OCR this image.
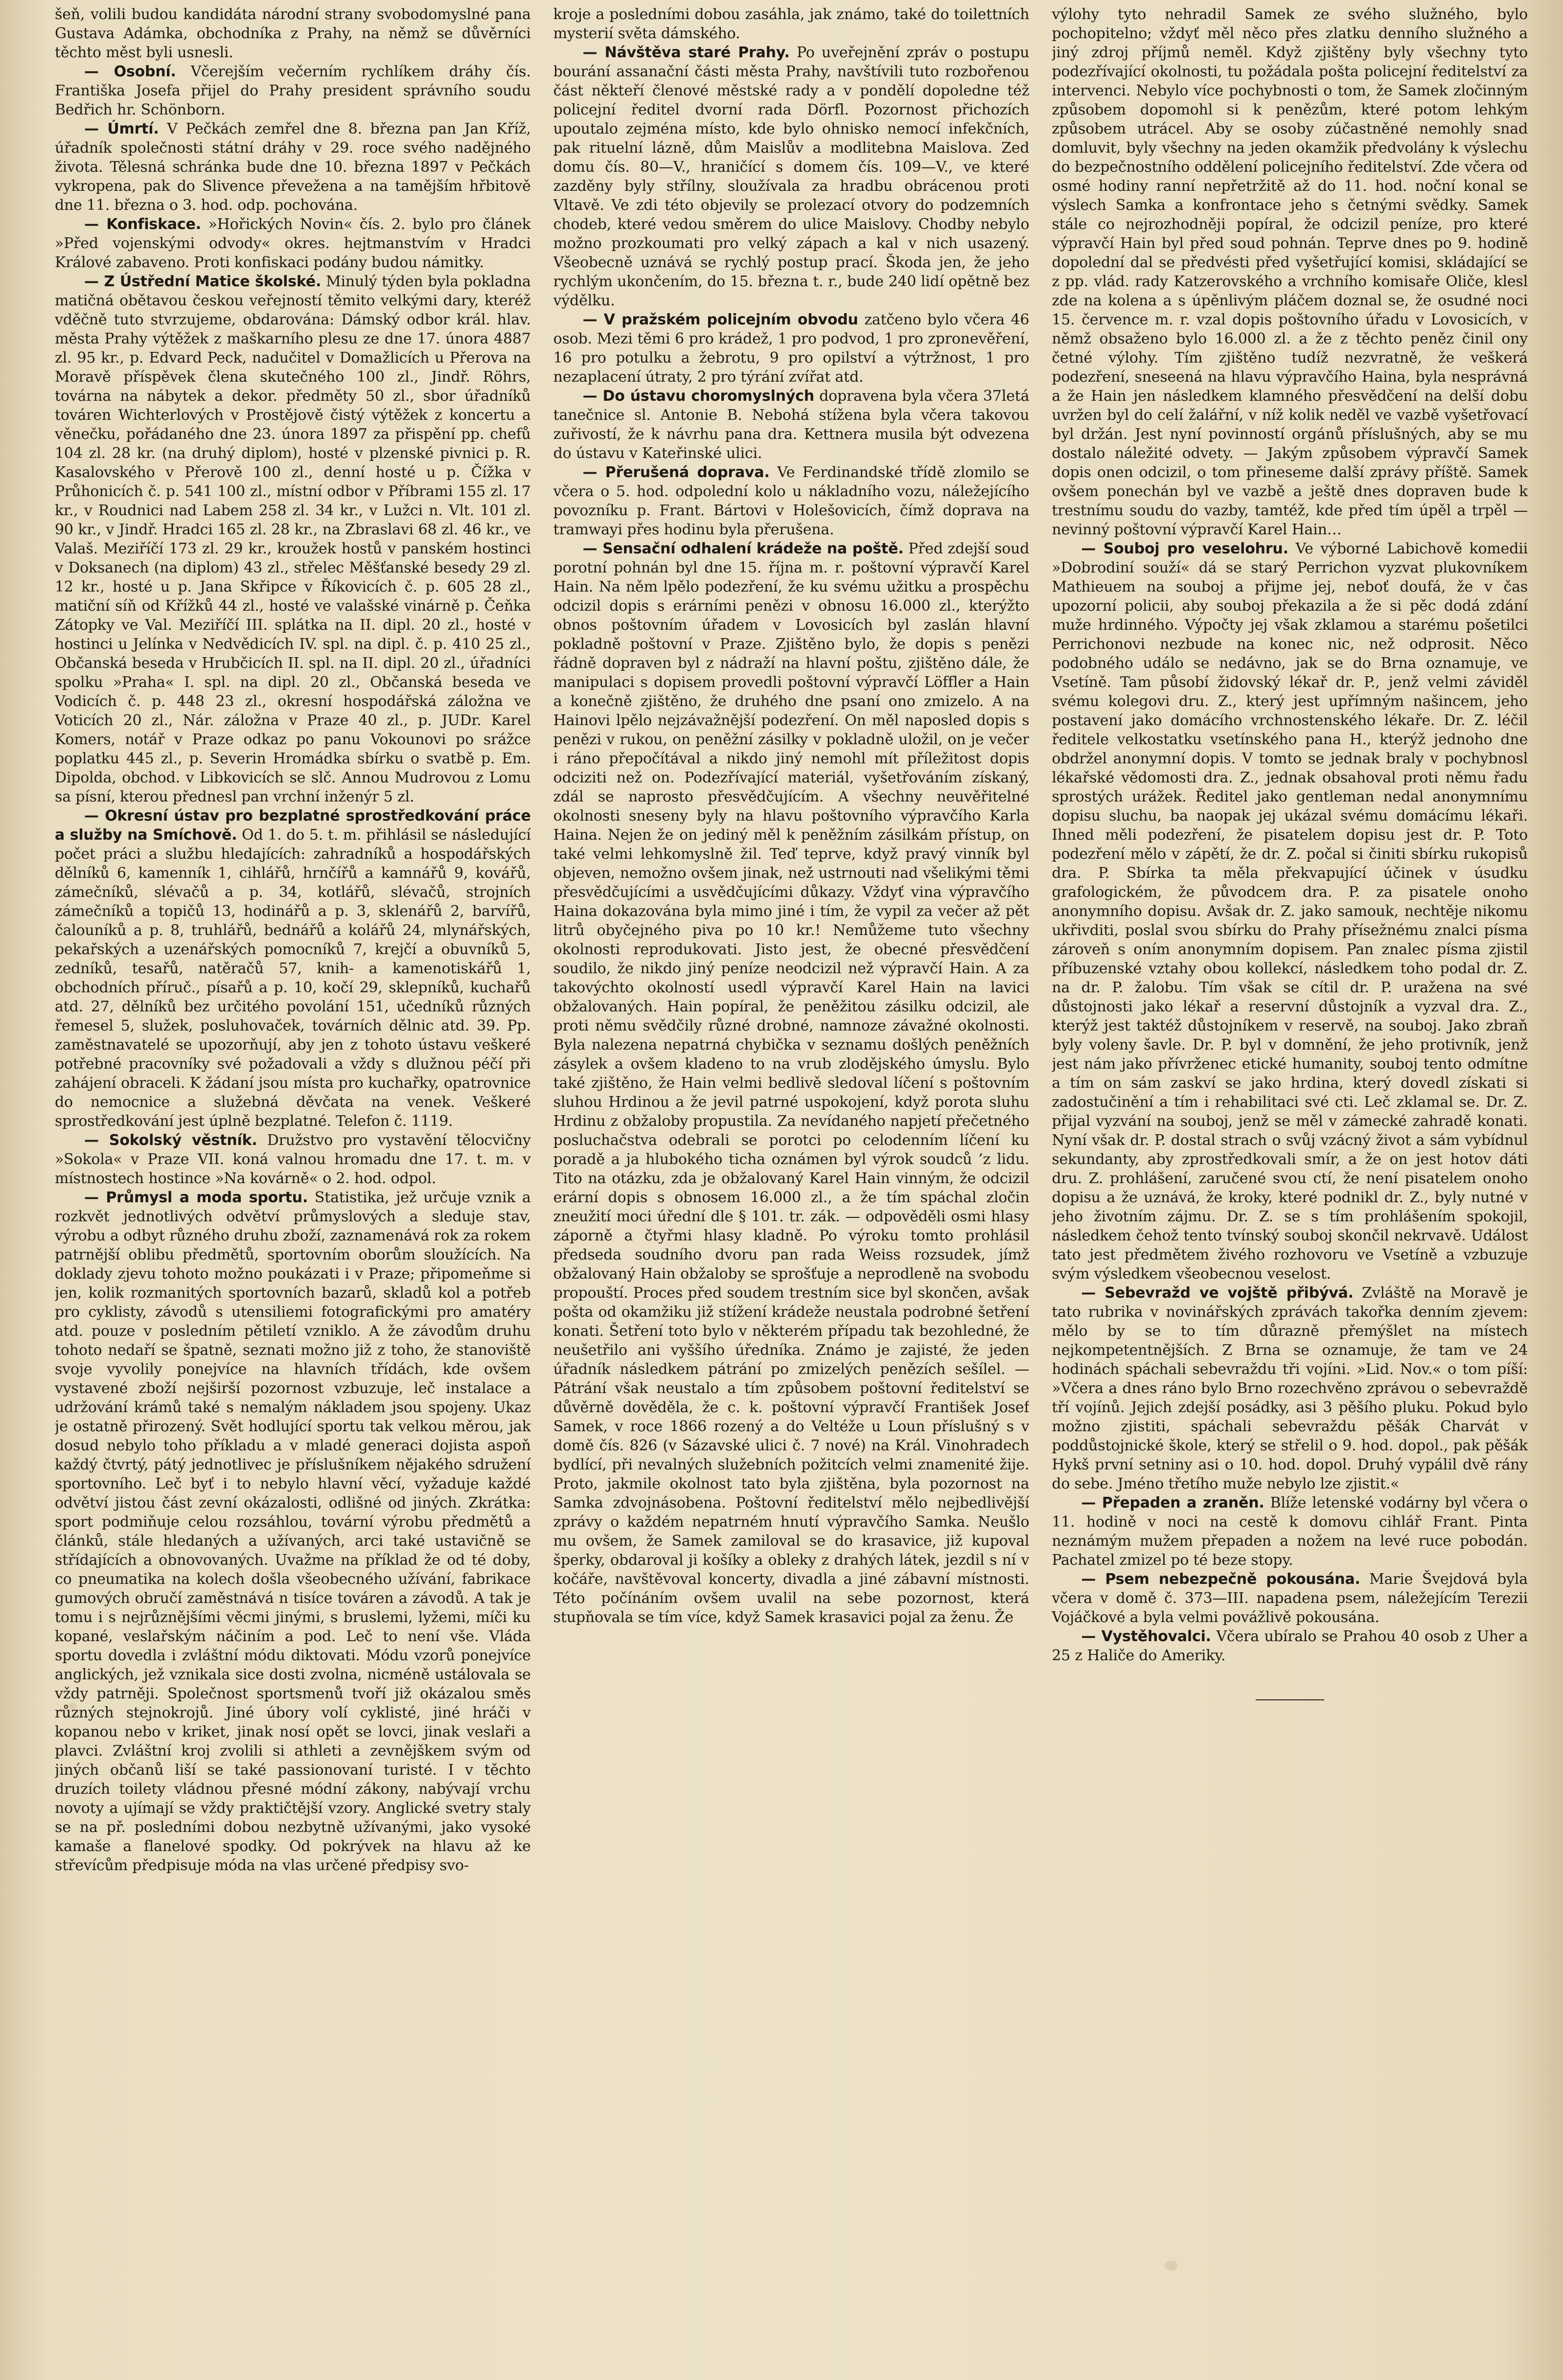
šeň, volili budou kandidáta národní strany svobodomyslné pana Gustava Adámka, obchodníka z Prahy, na němž se důvěrníci těchto měst byli usnesli.

— Osobní. Včerejším večerním rychlíkem dráhy čís. Františka Josefa přijel do Prahy president správního soudu Bedřich hr. Schönborn.

— Úmrtí. V Pečkách zemřel dne 8. března pan Jan Kříž, úřadník společnosti státní dráhy v 29. roce svého nadějného života. Tělesná schránka bude dne 10. března 1897 v Pečkách vykropena, pak do Slivence převežena a na tamějším hřbitově dne 11. března o 3. hod. odp. pochována.

— Konfiskace. »Hořických Novin« čís. 2. bylo pro článek »Před vojenskými odvody« okres. hejtmanstvím v Hradci Králové zabaveno. Proti konfiskaci podány budou námitky.

— Z Ústřední Matice školské. Minulý týden byla pokladna matičná obětavou českou veřejností těmito velkými dary, kteréž vděčně tuto stvrzujeme, obdarována: Dámský odbor král. hlav. města Prahy výtěžek z maškarního plesu ze dne 17. února 4887 zl. 95 kr., p. Edvard Peck, nadučitel v Domažlicích u Přerova na Moravě příspěvek člena skutečného 100 zl., Jindř. Röhrs, továrna na nábytek a dekor. předměty 50 zl., sbor úřadníků továren Wichterlových v Prostějově čistý výtěžek z koncertu a věnečku, pořádaného dne 23. února 1897 za přispění pp. chefů 104 zl. 28 kr. (na druhý diplom), hosté v plzenské pivnici p. R. Kasalovského v Přerově 100 zl., denní hosté u p. Čížka v Průhonicích č. p. 541 100 zl., místní odbor v Příbrami 155 zl. 17 kr., v Roudnici nad Labem 258 zl. 34 kr., v Lužci n. Vlt. 101 zl. 90 kr., v Jindř. Hradci 165 zl. 28 kr., na Zbraslavi 68 zl. 46 kr., ve Valaš. Meziříčí 173 zl. 29 kr., kroužek hostů v panském hostinci v Doksanech (na diplom) 43 zl., střelec Měšťanské besedy 29 zl. 12 kr., hosté u p. Jana Skřipce v Říkovicích č. p. 605 28 zl., matiční síň od Křížků 44 zl., hosté ve valašské vinárně p. Čeňka Zátopky ve Val. Meziříčí III. splátka na II. dipl. 20 zl., hosté v hostinci u Jelínka v Nedvědicích IV. spl. na dipl. č. p. 410 25 zl., Občanská beseda v Hrubčicích II. spl. na II. dipl. 20 zl., úřadníci spolku »Praha« I. spl. na dipl. 20 zl., Občanská beseda ve Vodicích č. p. 448 23 zl., okresní hospodářská záložna ve Voticích 20 zl., Nár. záložna v Praze 40 zl., p. JUDr. Karel Komers, notář v Praze odkaz po panu Vokounovi po srážce poplatku 445 zl., p. Severin Hromádka sbírku o svatbě p. Em. Dipolda, obchod. v Libkovicích se slč. Annou Mudrovou z Lomu sa písní, kterou přednesl pan vrchní inženýr 5 zl.

— Okresní ústav pro bezplatné sprostředkování práce a služby na Smíchově. Od 1. do 5. t. m. přihlásil se následující počet práci a službu hledajících: zahradníků a hospodářských dělníků 6, kamenník 1, cihlářů, hrnčířů a kamnářů 9, kovářů, zámečníků, slévačů a p. 34, kotlářů, slévačů, strojních zámečníků a topičů 13, hodinářů a p. 3, sklenářů 2, barvířů, čalouníků a p. 8, truhlářů, bednářů a kolářů 24, mlynářských, pekařských a uzenářských pomocníků 7, krejčí a obuvníků 5, zedníků, tesařů, natěračů 57, knih- a kamenotiskářů 1, obchodních příruč., písařů a p. 10, kočí 29, sklepníků, kuchařů atd. 27, dělníků bez určitého povolání 151, učedníků různých řemesel 5, služek, posluhovaček, továrních dělnic atd. 39. Pp. zaměstnavatelé se upozorňují, aby jen z tohoto ústavu veškeré potřebné pracovníky své požadovali a vždy s dlužnou péčí při zahájení obraceli. K žádaní jsou místa pro kuchařky, opatrovnice do nemocnice a služebná děvčata na venek. Veškeré sprostředkování jest úplně bezplatné. Telefon č. 1119.

— Sokolský věstník. Družstvo pro vystavění tělocvičny »Sokola« v Praze VII. koná valnou hromadu dne 17. t. m. v místnostech hostince »Na kovárně« o 2. hod. odpol.

— Průmysl a moda sportu. Statistika, jež určuje vznik a rozkvět jednotlivých odvětví průmyslových a sleduje stav, výrobu a odbyt různého druhu zboží, zaznamenává rok za rokem patrnější oblibu předmětů, sportovním oborům sloužících. Na doklady zjevu tohoto možno poukázati i v Praze; připomeňme si jen, kolik rozmanitých sportovních bazarů, skladů kol a potřeb pro cyklisty, závodů s utensiliemi fotografickými pro amatéry atd. pouze v posledním pětiletí vzniklo. A že závodům druhu tohoto nedaří se špatně, seznati možno již z toho, že stanoviště svoje vyvolily ponejvíce na hlavních třídách, kde ovšem vystavené zboží nejširší pozornost vzbuzuje, leč instalace a udržování krámů také s nemalým nákladem jsou spojeny. Ukaz je ostatně přirozený. Svět hodlující sportu tak velkou měrou, jak dosud nebylo toho příkladu a v mladé generaci dojista aspoň každý čtvrtý, pátý jednotlivec je příslušníkem nějakého sdružení sportovního. Leč byť i to nebylo hlavní věcí, vyžaduje každé odvětví jistou část zevní okázalosti, odlišné od jiných. Zkrátka: sport podmiňuje celou rozsáhlou, tovární výrobu předmětů a článků, stále hledaných a užívaných, arci také ustavičně se střídajících a obnovovaných. Uvažme na příklad že od té doby, co pneumatika na kolech došla všeobecného užívání, fabrikace gumových obručí zaměstnává n tisíce továren a závodů. A tak je tomu i s nejrůznějšími věcmi jinými, s bruslemi, lyžemi, míči ku kopané, veslařským náčiním a pod. Leč to není vše. Vláda sportu dovedla i zvláštní módu diktovati. Módu vzorů ponejvíce anglických, jež vznikala sice dosti zvolna, nicméně ustálovala se vždy patrněji. Společnost sportsmenů tvoří již okázalou směs různých stejnokrojů. Jiné úbory volí cyklisté, jiné hráči v kopanou nebo v kriket, jinak nosí opět se lovci, jinak veslaři a plavci. Zvláštní kroj zvolili si athleti a zevnějškem svým od jiných občanů liší se také passionovaní turisté. I v těchto druzích toilety vládnou přesné módní zákony, nabývají vrchu novoty a ujímají se vždy praktičtější vzory. Anglické svetry staly se na př. posledními dobou nezbytně užívanými, jako vysoké kamaše a flanelové spodky. Od pokrývek na hlavu až ke střevícům předpisuje móda na vlas určené předpisy svo-

kroje a posledními dobou zasáhla, jak známo, také do toilettních mysterií světa dámského.

— Návštěva staré Prahy. Po uveřejnění zpráv o postupu bourání assanační části města Prahy, navštívili tuto rozbořenou část někteří členové městské rady a v pondělí dopoledne též policejní ředitel dvorní rada Dörfl. Pozornost přichozích upoutalo zejména místo, kde bylo ohnisko nemocí infekčních, pak rituelní lázně, dům Maislův a modlitebna Maislova. Zeď domu čís. 80—V., hraničící s domem čís. 109—V., ve které zazděny byly střílny, sloužívala za hradbu obrácenou proti Vltavě. Ve zdi této objevily se prolezací otvory do podzemních chodeb, které vedou směrem do ulice Maislovy. Chodby nebylo možno prozkoumati pro velký zápach a kal v nich usazený. Všeobecně uznává se rychlý postup prací. Škoda jen, že jeho rychlým ukončením, do 15. března t. r., bude 240 lidí opětně bez výdělku.

— V pražském policejním obvodu zatčeno bylo včera 46 osob. Mezi těmi 6 pro krádež, 1 pro podvod, 1 pro zpronevěření, 16 pro potulku a žebrotu, 9 pro opilství a výtržnost, 1 pro nezaplacení útraty, 2 pro týrání zvířat atd.

— Do ústavu choromyslných dopravena byla včera 37letá tanečnice sl. Antonie B. Nebohá stížena byla včera takovou zuřivostí, že k návrhu pana dra. Kettnera musila být odvezena do ústavu v Kateřinské ulici.

— Přerušená doprava. Ve Ferdinandské třídě zlomilo se včera o 5. hod. odpolední kolo u nákladního vozu, náležejícího povozníku p. Frant. Bártovi v Holešovicích, čímž doprava na tramwayi přes hodinu byla přerušena.

— Sensační odhalení krádeže na poště. Před zdejší soud porotní pohnán byl dne 15. října m. r. poštovní výpravčí Karel Hain. Na něm lpělo podezření, že ku svému užitku a prospěchu odcizil dopis s erárními penězi v obnosu 16.000 zl., kterýžto obnos poštovním úřadem v Lovosicích byl zaslán hlavní pokladně poštovní v Praze. Zjištěno bylo, že dopis s penězi řádně dopraven byl z nádraží na hlavní poštu, zjištěno dále, že manipulaci s dopisem provedli poštovní výpravčí Löffler a Hain a konečně zjištěno, že druhého dne psaní ono zmizelo. A na Hainovi lpělo nejzávažnější podezření. On měl naposled dopis s penězi v rukou, on peněžní zásilky v pokladně uložil, on je večer i ráno přepočítával a nikdo jiný nemohl mít příležitost dopis odciziti než on. Podezřívající materiál, vyšetřováním získaný, zdál se naprosto přesvědčujícím. A všechny neuvěřitelné okolnosti sneseny byly na hlavu poštovního výpravčího Karla Haina. Nejen že on jediný měl k peněžním zásilkám přístup, on také velmi lehkomyslně žil. Teď teprve, když pravý vinník byl objeven, nemožno ovšem jinak, než ustrnouti nad všelikými těmi přesvědčujícími a usvědčujícími důkazy. Vždyť vina výpravčího Haina dokazována byla mimo jiné i tím, že vypil za večer až pět litrů obyčejného piva po 10 kr.! Nemůžeme tuto všechny okolnosti reprodukovati. Jisto jest, že obecné přesvědčení soudilo, že nikdo jiný peníze neodcizil než výpravčí Hain. A za takovýchto okolností usedl výpravčí Karel Hain na lavici obžalovaných. Hain popíral, že peněžitou zásilku odcizil, ale proti němu svědčily různé drobné, namnoze závažné okolnosti. Byla nalezena nepatrná chybička v seznamu došlých peněžních zásylek a ovšem kladeno to na vrub zlodějského úmyslu. Bylo také zjištěno, že Hain velmi bedlivě sledoval líčení s poštovním sluhou Hrdinou a že jevil patrné uspokojení, když porota sluhu Hrdinu z obžaloby propustila. Za nevídaného napjetí přečetného posluchačstva odebrali se porotci po celodenním líčení ku poradě a ja hlubokého ticha oznámen byl výrok soudců ’z lidu. Tito na otázku, zda je obžalovaný Karel Hain vinným, že odcizil erární dopis s obnosem 16.000 zl., a že tím spáchal zločin zneužití moci úřední dle § 101. tr. zák. — odpověděli osmi hlasy záporně a čtyřmi hlasy kladně. Po výroku tomto prohlásil předseda soudního dvoru pan rada Weiss rozsudek, jímž obžalovaný Hain obžaloby se sprošťuje a neprodleně na svobodu propouští. Proces před soudem trestním sice byl skončen, avšak pošta od okamžiku již stížení krádeže neustala podrobné šetření konati. Šetření toto bylo v některém případu tak bezohledné, že neušetřilo ani vyššího úředníka. Známo je zajisté, že jeden úřadník následkem pátrání po zmizelých penězích sešílel. — Pátrání však neustalo a tím způsobem poštovní ředitelství se důvěrně dověděla, že c. k. poštovní výpravčí František Josef Samek, v roce 1866 rozený a do Veltéže u Loun příslušný s v domě čís. 826 (v Sázavské ulici č. 7 nové) na Král. Vinohradech bydlící, při nevalných služebních požitcích velmi znamenité žije. Proto, jakmile okolnost tato byla zjištěna, byla pozornost na Samka zdvojnásobena. Poštovní ředitelství mělo nejbedlivější zprávy o každém nepatrném hnutí výpravčího Samka. Neušlo mu ovšem, že Samek zamiloval se do krasavice, již kupoval šperky, obdaroval ji košíky a obleky z drahých látek, jezdil s ní v kočáře, navštěvoval koncerty, divadla a jiné zábavní místnosti. Této počínáním ovšem uvalil na sebe pozornost, která stupňovala se tím více, když Samek krasavici pojal za ženu. Že

výlohy tyto nehradil Samek ze svého služného, bylo pochopitelno; vždyť měl něco přes zlatku denního služného a jiný zdroj příjmů neměl. Když zjištěny byly všechny tyto podezřívající okolnosti, tu požádala pošta policejní ředitelství za intervenci. Nebylo více pochybnosti o tom, že Samek zločinným způsobem dopomohl si k penězům, které potom lehkým způsobem utrácel. Aby se osoby zúčastněné nemohly snad domluvit, byly všechny na jeden okamžik předvolány k výslechu do bezpečnostního oddělení policejního ředitelství. Zde včera od osmé hodiny ranní nepřetržitě až do 11. hod. noční konal se výslech Samka a konfrontace jeho s četnými svědky. Samek stále co nejrozhodněji popíral, že odcizil peníze, pro které výpravčí Hain byl před soud pohnán. Teprve dnes po 9. hodině dopolední dal se předvésti před vyšetřující komisi, skládající se z pp. vlád. rady Katzerovského a vrchního komisaře Oliče, klesl zde na kolena a s úpěnlivým pláčem doznal se, že osudné noci 15. července m. r. vzal dopis poštovního úřadu v Lovosicích, v němž obsaženo bylo 16.000 zl. a že z těchto peněz činil ony četné výlohy. Tím zjištěno tudíž nezvratně, že veškerá podezření, sneseená na hlavu výpravčího Haina, byla nesprávná a že Hain jen následkem klamného přesvědčení na delší dobu uvržen byl do celí žalářní, v níž kolik neděl ve vazbě vyšetřovací byl držán. Jest nyní povinností orgánů příslušných, aby se mu dostalo náležité odvety. — Jakým způsobem výpravčí Samek dopis onen odcizil, o tom přineseme další zprávy příště. Samek ovšem ponechán byl ve vazbě a ještě dnes dopraven bude k trestnímu soudu do vazby, tamtéž, kde před tím úpěl a trpěl — nevinný poštovní výpravčí Karel Hain…

— Souboj pro veselohru. Ve výborné Labichově komedii »Dobrodiní souží« dá se starý Perrichon vyzvat plukovníkem Mathieuem na souboj a přijme jej, neboť doufá, že v čas upozorní policii, aby souboj překazila a že si pěc dodá zdání muže hrdinného. Výpočty jej však zklamou a starému pošetilci Perrichonovi nezbude na konec nic, než odprosit. Něco podobného událo se nedávno, jak se do Brna oznamuje, ve Vsetíně. Tam působí židovský lékař dr. P., jenž velmi záviděl svému kolegovi dru. Z., který jest upřímným našincem, jeho postavení jako domácího vrchnostenského lékaře. Dr. Z. léčil ředitele velkostatku vsetínského pana H., kterýž jednoho dne obdržel anonymní dopis. V tomto se jednak braly v pochybnosl lékařské vědomosti dra. Z., jednak obsahoval proti němu řadu sprostých urážek. Ředitel jako gentleman nedal anonymnímu dopisu sluchu, ba naopak jej ukázal svému domácímu lékaři. Ihned měli podezření, že pisatelem dopisu jest dr. P. Toto podezření mělo v zápětí, že dr. Z. počal si činiti sbírku rukopisů dra. P. Sbírka ta měla překvapující účinek v úsudku grafologickém, že původcem dra. P. za pisatele onoho anonymního dopisu. Avšak dr. Z. jako samouk, nechtěje nikomu ukřivditi, poslal svou sbírku do Prahy přísežnému znalci písma zároveň s oním anonymním dopisem. Pan znalec písma zjistil příbuzenské vztahy obou kollekcí, následkem toho podal dr. Z. na dr. P. žalobu. Tím však se cítil dr. P. uražena na své důstojnosti jako lékař a reservní důstojník a vyzval dra. Z., kterýž jest taktéž důstojníkem v reservě, na souboj. Jako zbraň byly voleny šavle. Dr. P. byl v domnění, že jeho protivník, jenž jest nám jako přívrženec etické humanity, souboj tento odmítne a tím on sám zaskví se jako hrdina, který dovedl získati si zadostučinění a tím i rehabilitaci své cti. Leč zklamal se. Dr. Z. přijal vyzvání na souboj, jenž se měl v zámecké zahradě konati. Nyní však dr. P. dostal strach o svůj vzácný život a sám vybídnul sekundanty, aby zprostředkovali smír, a že on jest hotov dáti dru. Z. prohlášení, zaručené svou ctí, že není pisatelem onoho dopisu a že uznává, že kroky, které podnikl dr. Z., byly nutné v jeho životním zájmu. Dr. Z. se s tím prohlášením spokojil, následkem čehož tento tvínský souboj skončil nekrvavě. Událost tato jest předmětem živého rozhovoru ve Vsetíně a vzbuzuje svým výsledkem všeobecnou veselost.

— Sebevražd ve vojště přibývá. Zvláště na Moravě je tato rubrika v novinářských zprávách takořka denním zjevem: mělo by se to tím důrazně přemýšlet na místech nejkompetentnějších. Z Brna se oznamuje, že tam ve 24 hodinách spáchali sebevraždu tři vojíni. »Lid. Nov.« o tom píší: »Včera a dnes ráno bylo Brno rozechvěno zprávou o sebevraždě tří vojínů. Jejich zdejší posádky, asi 3 pěšího pluku. Pokud bylo možno zjistiti, spáchali sebevraždu pěšák Charvát v poddůstojnické škole, který se střelil o 9. hod. dopol., pak pěšák Hykš první setniny asi o 10. hod. dopol. Druhý vypálil dvě rány do sebe. Jméno třetího muže nebylo lze zjistit.«

— Přepaden a zraněn. Blíže letenské vodárny byl včera o 11. hodině v noci na cestě k domovu cihlář Frant. Pinta neznámým mužem přepaden a nožem na levé ruce pobodán. Pachatel zmizel po té beze stopy.

— Psem nebezpečně pokousána. Marie Švejdová byla včera v domě č. 373—III. napadena psem, náležejícím Terezii Vojáčkové a byla velmi povážlivě pokousána.

— Vystěhovalci. Včera ubíralo se Prahou 40 osob z Uher a 25 z Haliče do Ameriky.
